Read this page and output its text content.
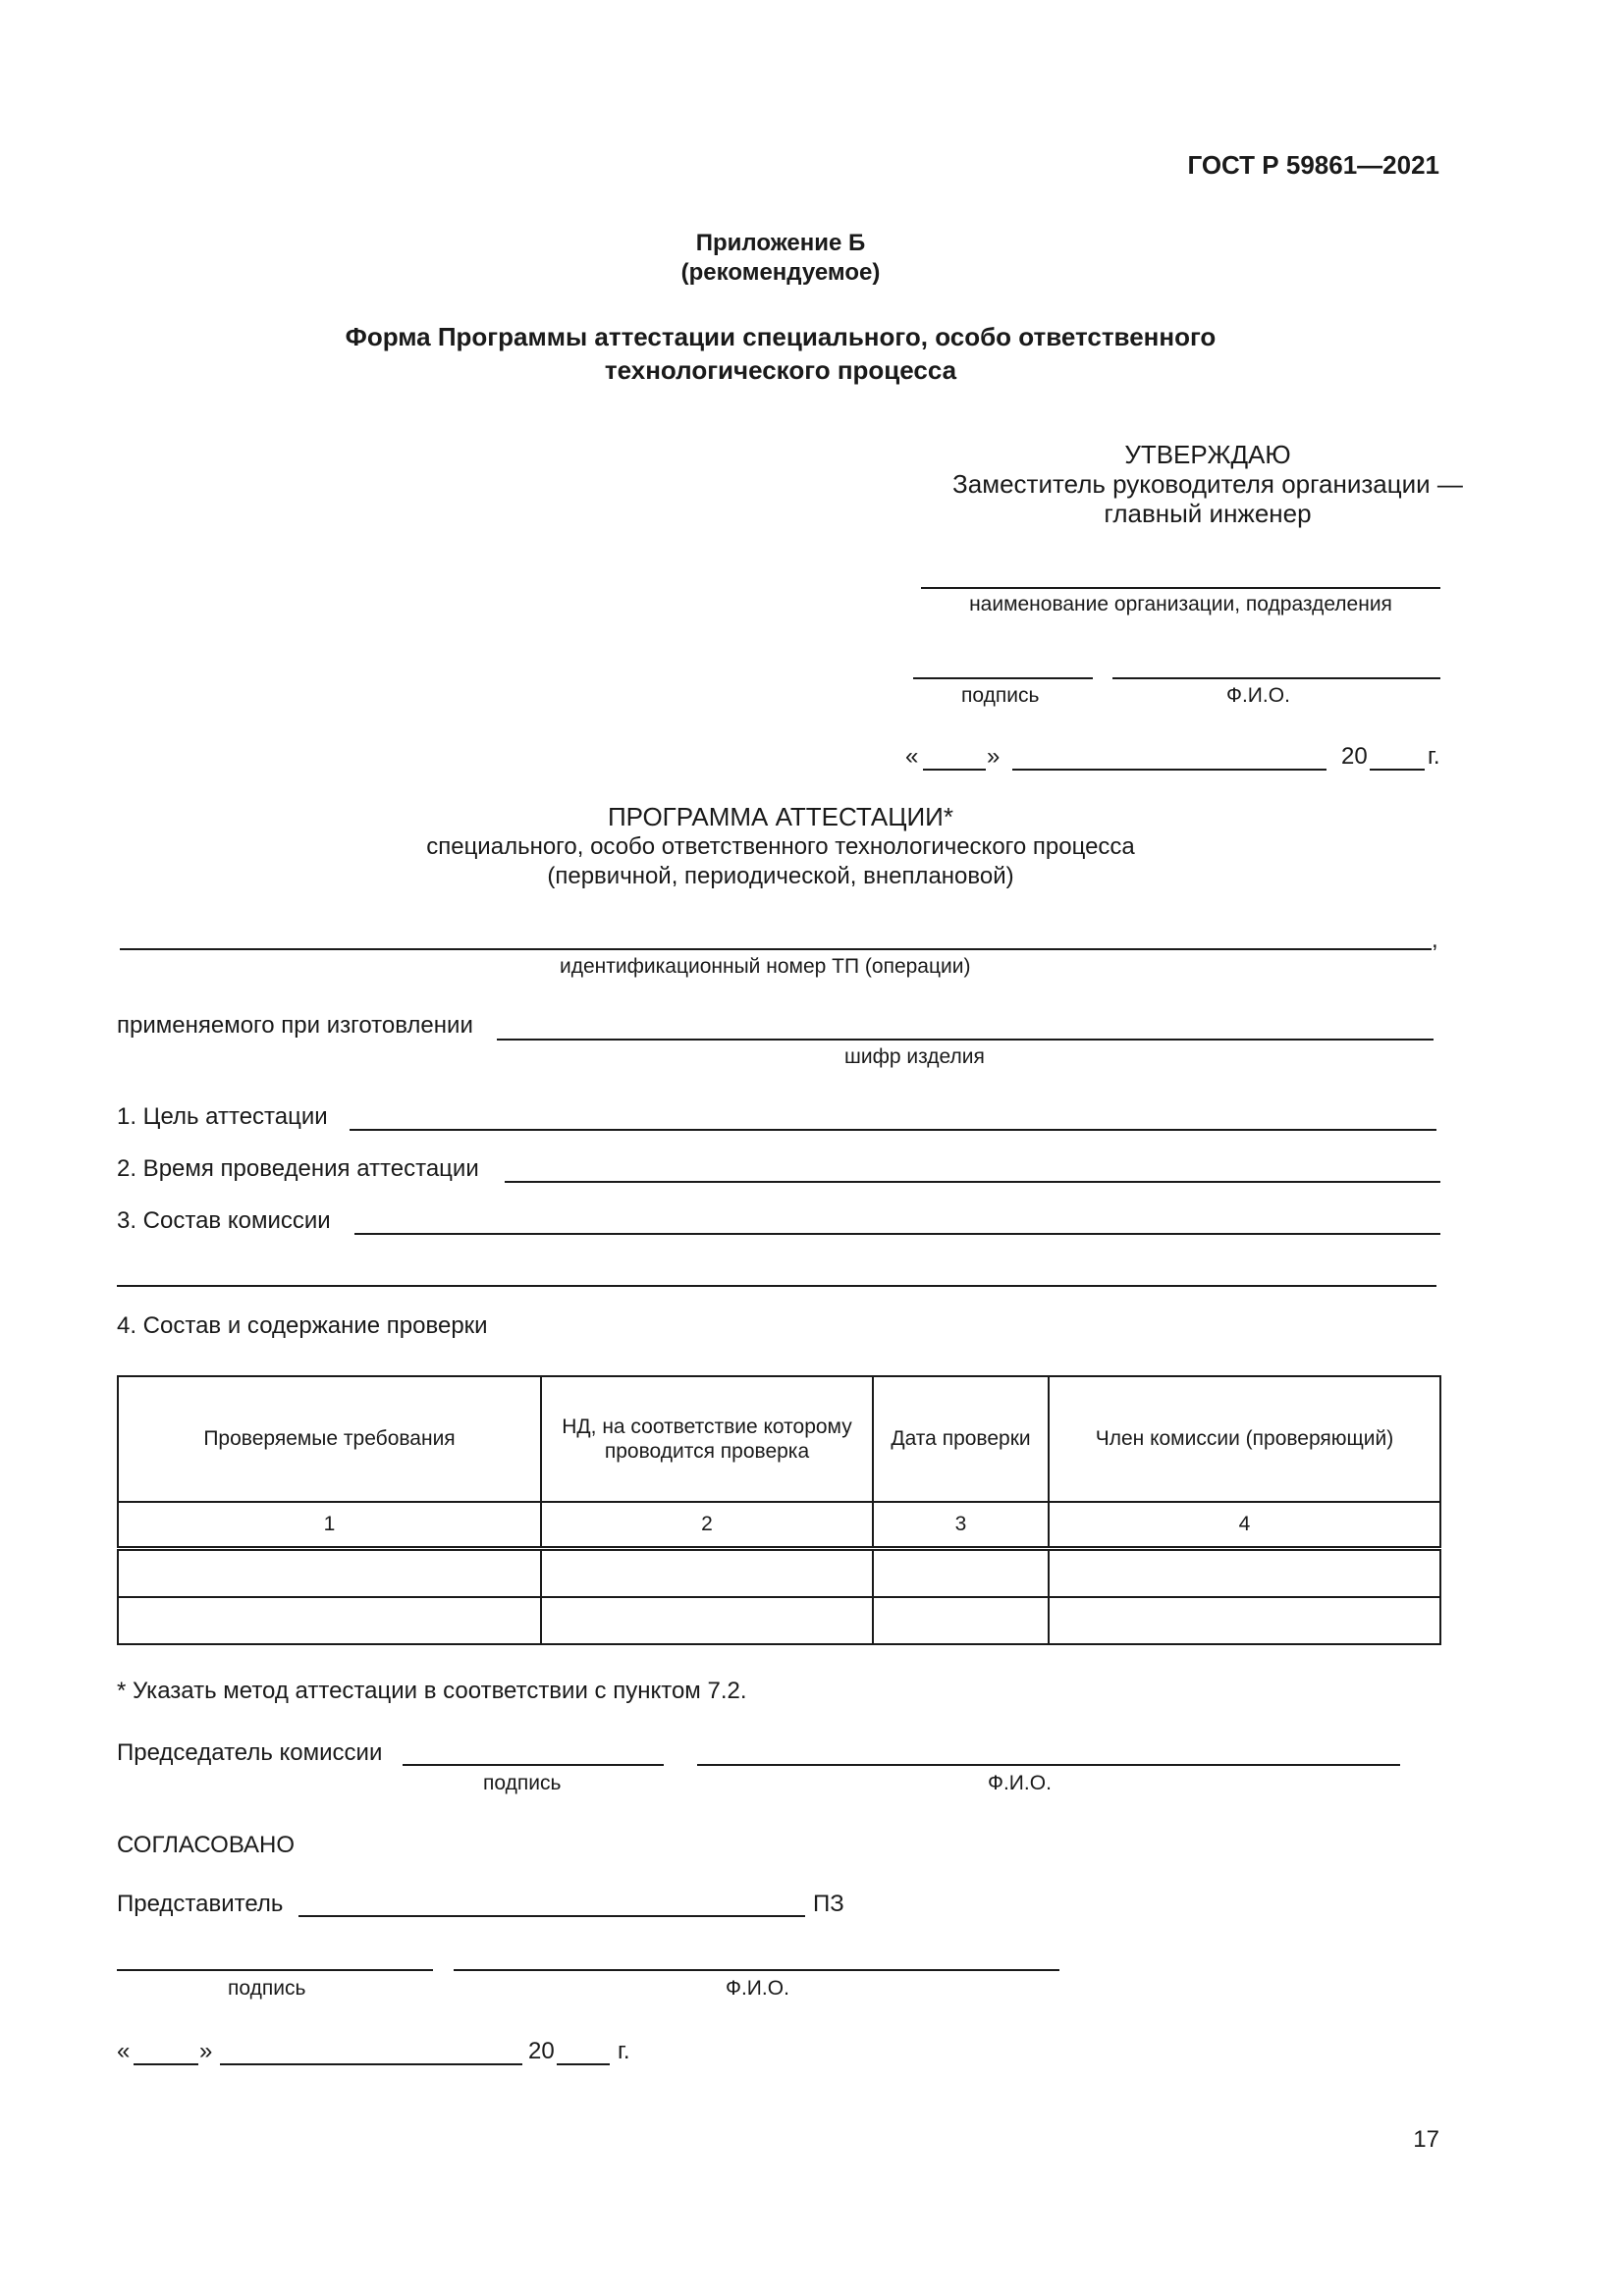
ГОСТ Р 59861—2021
Приложение Б
(рекомендуемое)
Форма Программы аттестации специального, особо ответственного
технологического процесса
УТВЕРЖДАЮ
Заместитель руководителя организации —
главный инженер
наименование организации, подразделения
подпись	Ф.И.О.
«	»	20	г.
ПРОГРАММА АТТЕСТАЦИИ*
специального, особо ответственного технологического процесса
(первичной, периодической, внеплановой)
,
идентификационный номер ТП (операции)
применяемого при изготовлении
шифр изделия
1. Цель аттестации
2. Время проведения аттестации
3. Состав комиссии
4. Состав и содержание проверки
Проверяемые требования	НД, на соответствие которому проводится проверка	Дата проверки	Член комиссии (проверяющий)
1	2	3	4

* Указать метод аттестации в соответствии с пунктом 7.2.
Председатель комиссии
подпись	Ф.И.О.
СОГЛАСОВАНО
Представитель	ПЗ
подпись	Ф.И.О.
«	»	20	г.
17
